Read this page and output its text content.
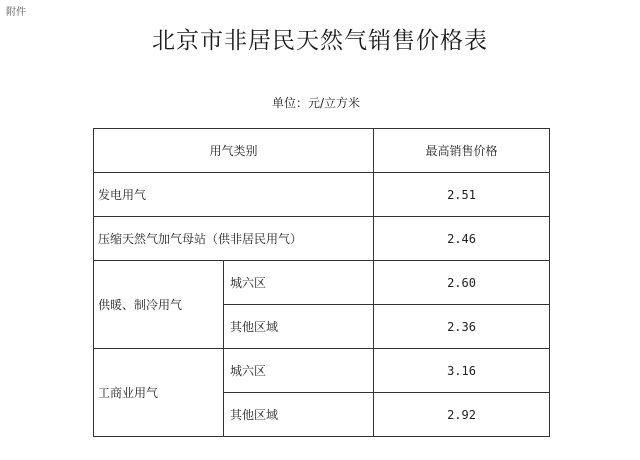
附件
北京市非居民天然气销售价格表
单位：元/立方米
用气类别		最高销售价格
发电用气		2.51
压缩天然气加气母站（供非居民用气）		2.46
供暖、制冷用气	城六区	2.60
	其他区域	2.36
工商业用气	城六区	3.16
	其他区域	2.92
